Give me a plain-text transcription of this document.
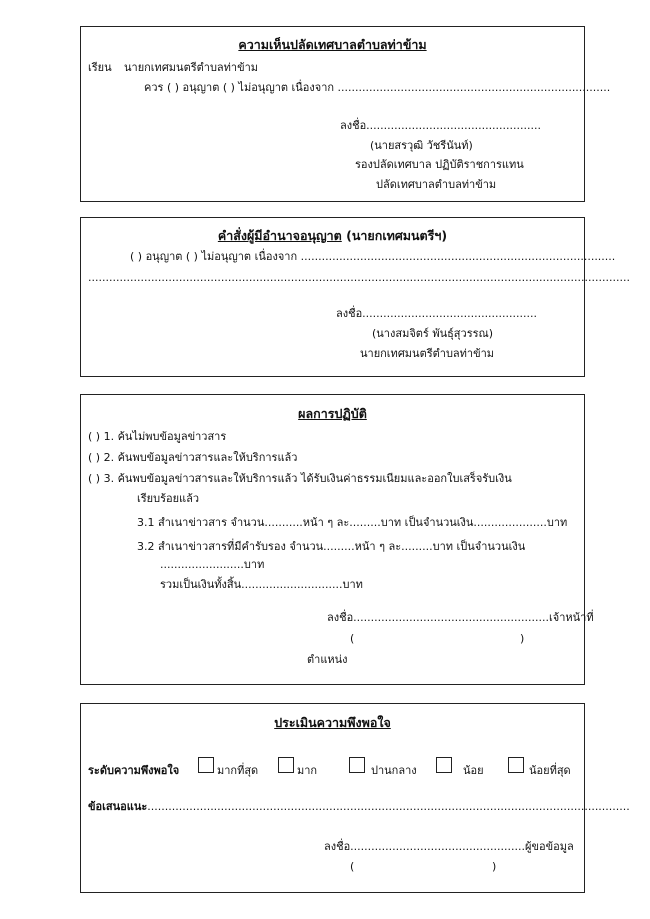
ความเห็นปลัดเทศบาลตำบลท่าข้าม
เรียน นายกเทศมนตรีตำบลท่าข้าม
ควร ( ) อนุญาต ( ) ไม่อนุญาต เนื่องจาก ..............................................................................
ลงชื่อ..................................................
(นายสรวุฒิ วัชรีนันท์)
รองปลัดเทศบาล ปฏิบัติราชการแทน
ปลัดเทศบาลตำบลท่าข้าม
คำสั่งผู้มีอำนาจอนุญาต (นายกเทศมนตรีฯ)
( ) อนุญาต ( ) ไม่อนุญาต เนื่องจาก ..........................................................................................
...........................................................................................................................................................
ลงชื่อ..................................................
(นางสมจิตร์ พันธุ์สุวรรณ)
นายกเทศมนตรีตำบลท่าข้าม
ผลการปฏิบัติ
( ) 1. ค้นไม่พบข้อมูลข่าวสาร
( ) 2. ค้นพบข้อมูลข่าวสารและให้บริการแล้ว
( ) 3. ค้นพบข้อมูลข่าวสารและให้บริการแล้ว ได้รับเงินค่าธรรมเนียมและออกใบเสร็จรับเงิน
เรียบร้อยแล้ว
3.1 สำเนาข่าวสาร จำนวน...........หน้า ๆ ละ.........บาท เป็นจำนวนเงิน.....................บาท
3.2 สำเนาข่าวสารที่มีคำรับรอง จำนวน.........หน้า ๆ ละ.........บาท เป็นจำนวนเงิน
........................บาท
รวมเป็นเงินทั้งสิ้น.............................บาท
ลงชื่อ........................................................เจ้าหน้าที่
(	)
ตำแหน่ง
ประเมินความพึงพอใจ
ระดับความพึงพอใจ	มากที่สุด	มาก	ปานกลาง	น้อย	น้อยที่สุด
ข้อเสนอแนะ..........................................................................................................................................
ลงชื่อ..................................................ผู้ขอข้อมูล
(	)
